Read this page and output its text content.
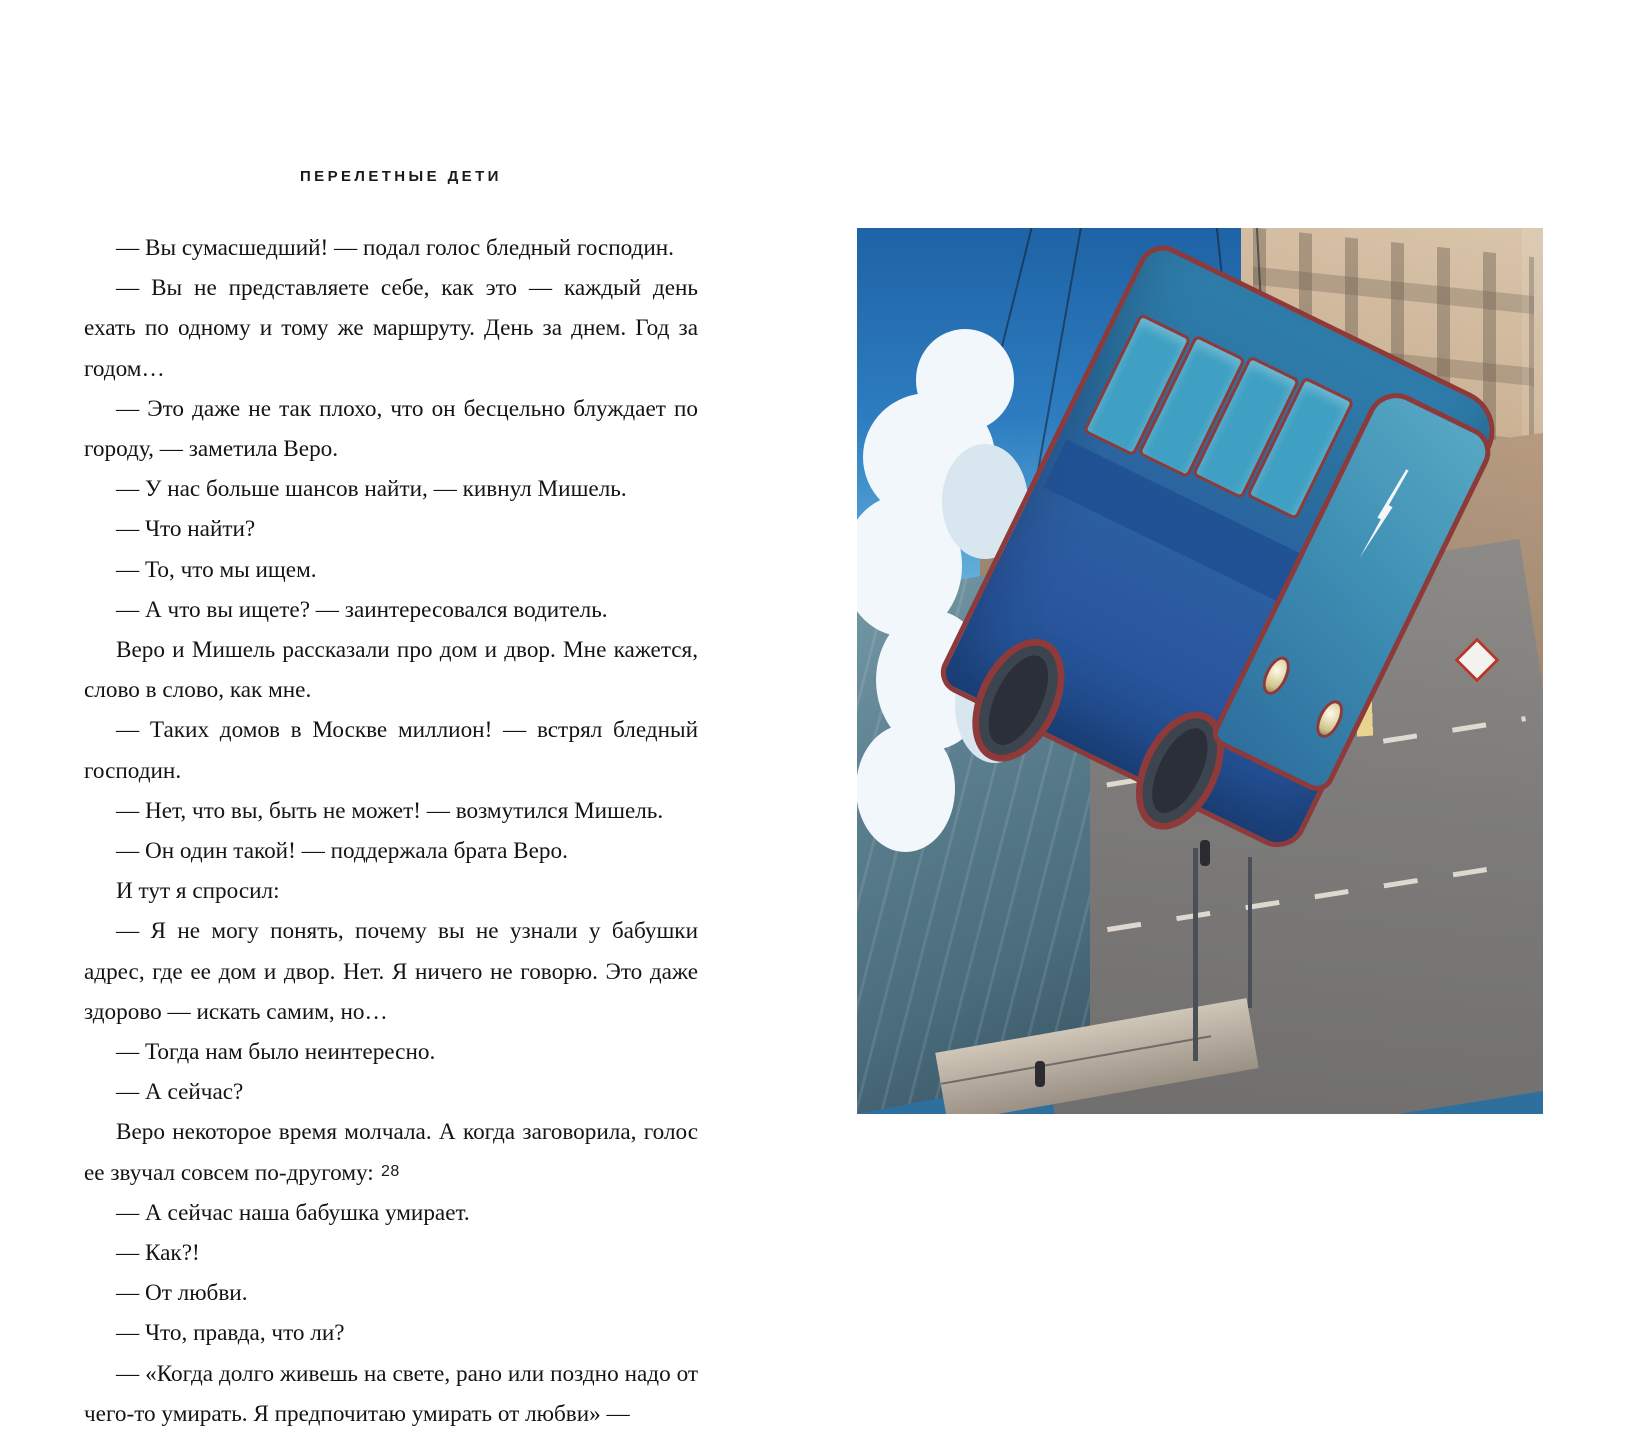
ПЕРЕЛЕТНЫЕ ДЕТИ

— Вы сумасшедший! — подал голос бледный господин.

— Вы не представляете себе, как это — каждый день ехать по одному и тому же маршруту. День за днем. Год за годом…

— Это даже не так плохо, что он бесцельно блуждает по городу, — заметила Веро.

— У нас больше шансов найти, — кивнул Мишель.

— Что найти?

— То, что мы ищем.

— А что вы ищете? — заинтересовался водитель.

Веро и Мишель рассказали про дом и двор. Мне кажется, слово в слово, как мне.

— Таких домов в Москве миллион! — встрял бледный господин.

— Нет, что вы, быть не может! — возмутился Мишель.

— Он один такой! — поддержала брата Веро.

И тут я спросил:

— Я не могу понять, почему вы не узнали у бабушки адрес, где ее дом и двор. Нет. Я ничего не говорю. Это даже здорово — искать самим, но…

— Тогда нам было неинтересно.

— А сейчас?

Веро некоторое время молчала. А когда заговорила, голос ее звучал совсем по-другому:

— А сейчас наша бабушка умирает.

— Как?!

— От любви.

— Что, правда, что ли?

— «Когда долго живешь на свете, рано или поздно надо от чего-то умирать. Я предпочитаю умирать от любви» —

28
